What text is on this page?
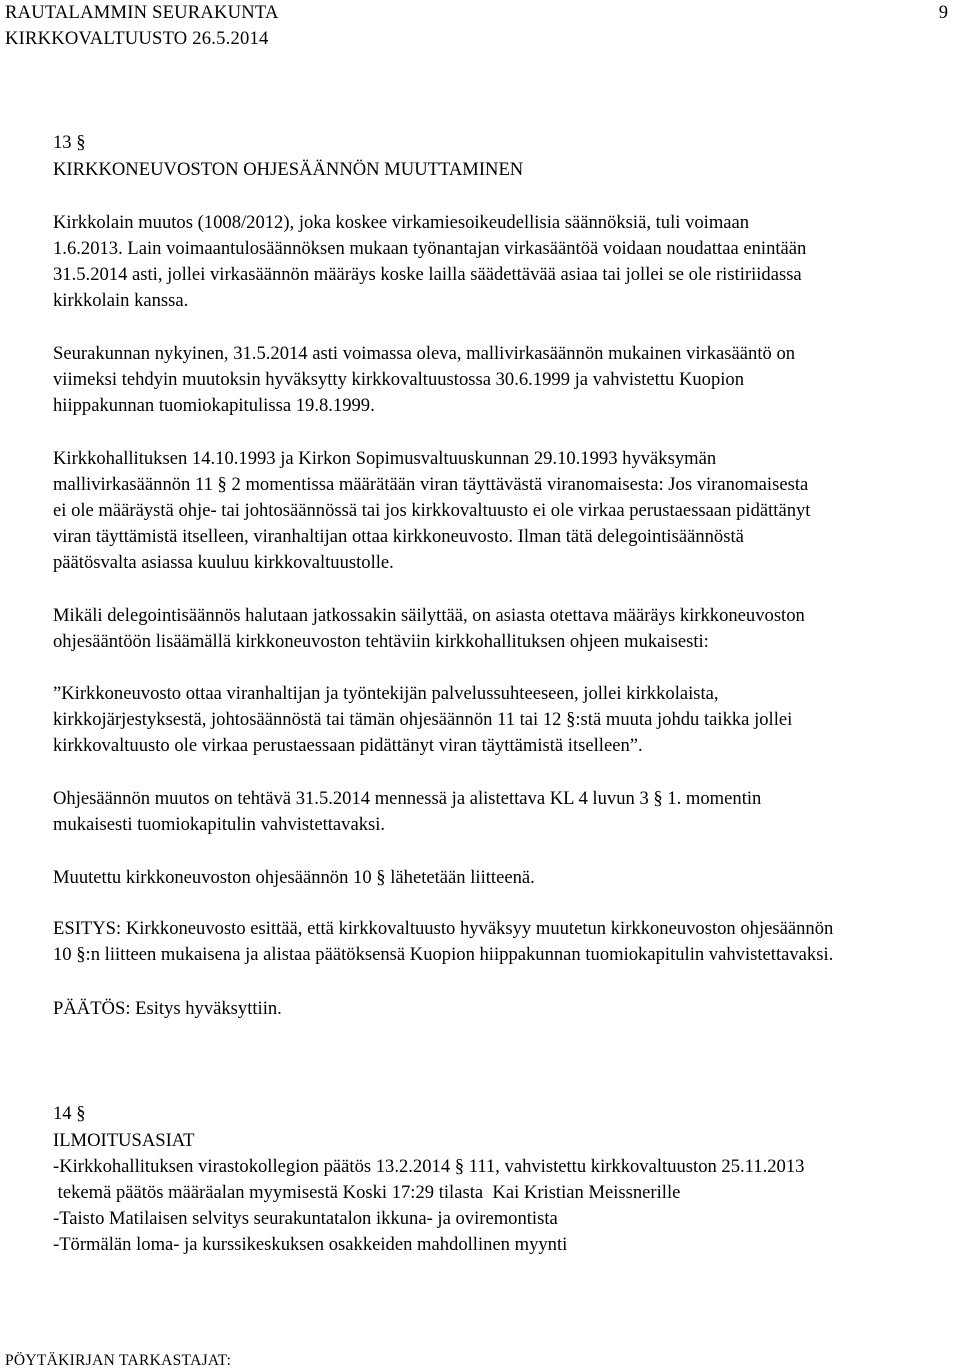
RAUTALAMMIN SEURAKUNTA
KIRKKOVALTUUSTO 26.5.2014
9
13 §
KIRKKONEUVOSTON OHJESÄÄNNÖN MUUTTAMINEN
Kirkkolain muutos (1008/2012), joka koskee virkamiesoikeudellisia säännöksiä, tuli voimaan
1.6.2013. Lain voimaantulosäännöksen mukaan työnantajan virkasääntöä voidaan noudattaa enintään
31.5.2014 asti, jollei virkasäännön määräys koske lailla säädettävää asiaa tai jollei se ole ristiriidassa
kirkkolain kanssa.
Seurakunnan nykyinen, 31.5.2014 asti voimassa oleva, mallivirkasäännön mukainen virkasääntö on
viimeksi tehdyin muutoksin hyväksytty kirkkovaltuustossa 30.6.1999 ja vahvistettu Kuopion
hiippakunnan tuomiokapitulissa 19.8.1999.
Kirkkohallituksen 14.10.1993 ja Kirkon Sopimusvaltuuskunnan 29.10.1993 hyväksymän
mallivirkasäännön 11 § 2 momentissa määrätään viran täyttävästä viranomaisesta: Jos viranomaisesta
ei ole määräystä ohje- tai johtosäännössä tai jos kirkkovaltuusto ei ole virkaa perustaessaan pidättänyt
viran täyttämistä itselleen, viranhaltijan ottaa kirkkoneuvosto. Ilman tätä delegointisäännöstä
päätösvalta asiassa kuuluu kirkkovaltuustolle.
Mikäli delegointisäännös halutaan jatkossakin säilyttää, on asiasta otettava määräys kirkkoneuvoston
ohjesääntöön lisäämällä kirkkoneuvoston tehtäviin kirkkohallituksen ohjeen mukaisesti:
”Kirkkoneuvosto ottaa viranhaltijan ja työntekijän palvelussuhteeseen, jollei kirkkolaista,
kirkkojärjestyksestä, johtosäännöstä tai tämän ohjesäännön 11 tai 12 §:stä muuta johdu taikka jollei
kirkkovaltuusto ole virkaa perustaessaan pidättänyt viran täyttämistä itselleen”.
Ohjesäännön muutos on tehtävä 31.5.2014 mennessä ja alistettava KL 4 luvun 3 § 1. momentin
mukaisesti tuomiokapitulin vahvistettavaksi.
Muutettu kirkkoneuvoston ohjesäännön 10 § lähetetään liitteenä.
ESITYS: Kirkkoneuvosto esittää, että kirkkovaltuusto hyväksyy muutetun kirkkoneuvoston ohjesäännön
10 §:n liitteen mukaisena ja alistaa päätöksensä Kuopion hiippakunnan tuomiokapitulin vahvistettavaksi.
PÄÄTÖS: Esitys hyväksyttiin.
14 §
ILMOITUSASIAT
-Kirkkohallituksen virastokollegion päätös 13.2.2014 § 111, vahvistettu kirkkovaltuuston 25.11.2013
tekemä päätös määräalan myymisestä Koski 17:29 tilasta  Kai Kristian Meissnerille
-Taisto Matilaisen selvitys seurakuntatalon ikkuna- ja oviremontista
-Törmälän loma- ja kurssikeskuksen osakkeiden mahdollinen myynti
PÖYTÄKIRJAN TARKASTAJAT:
